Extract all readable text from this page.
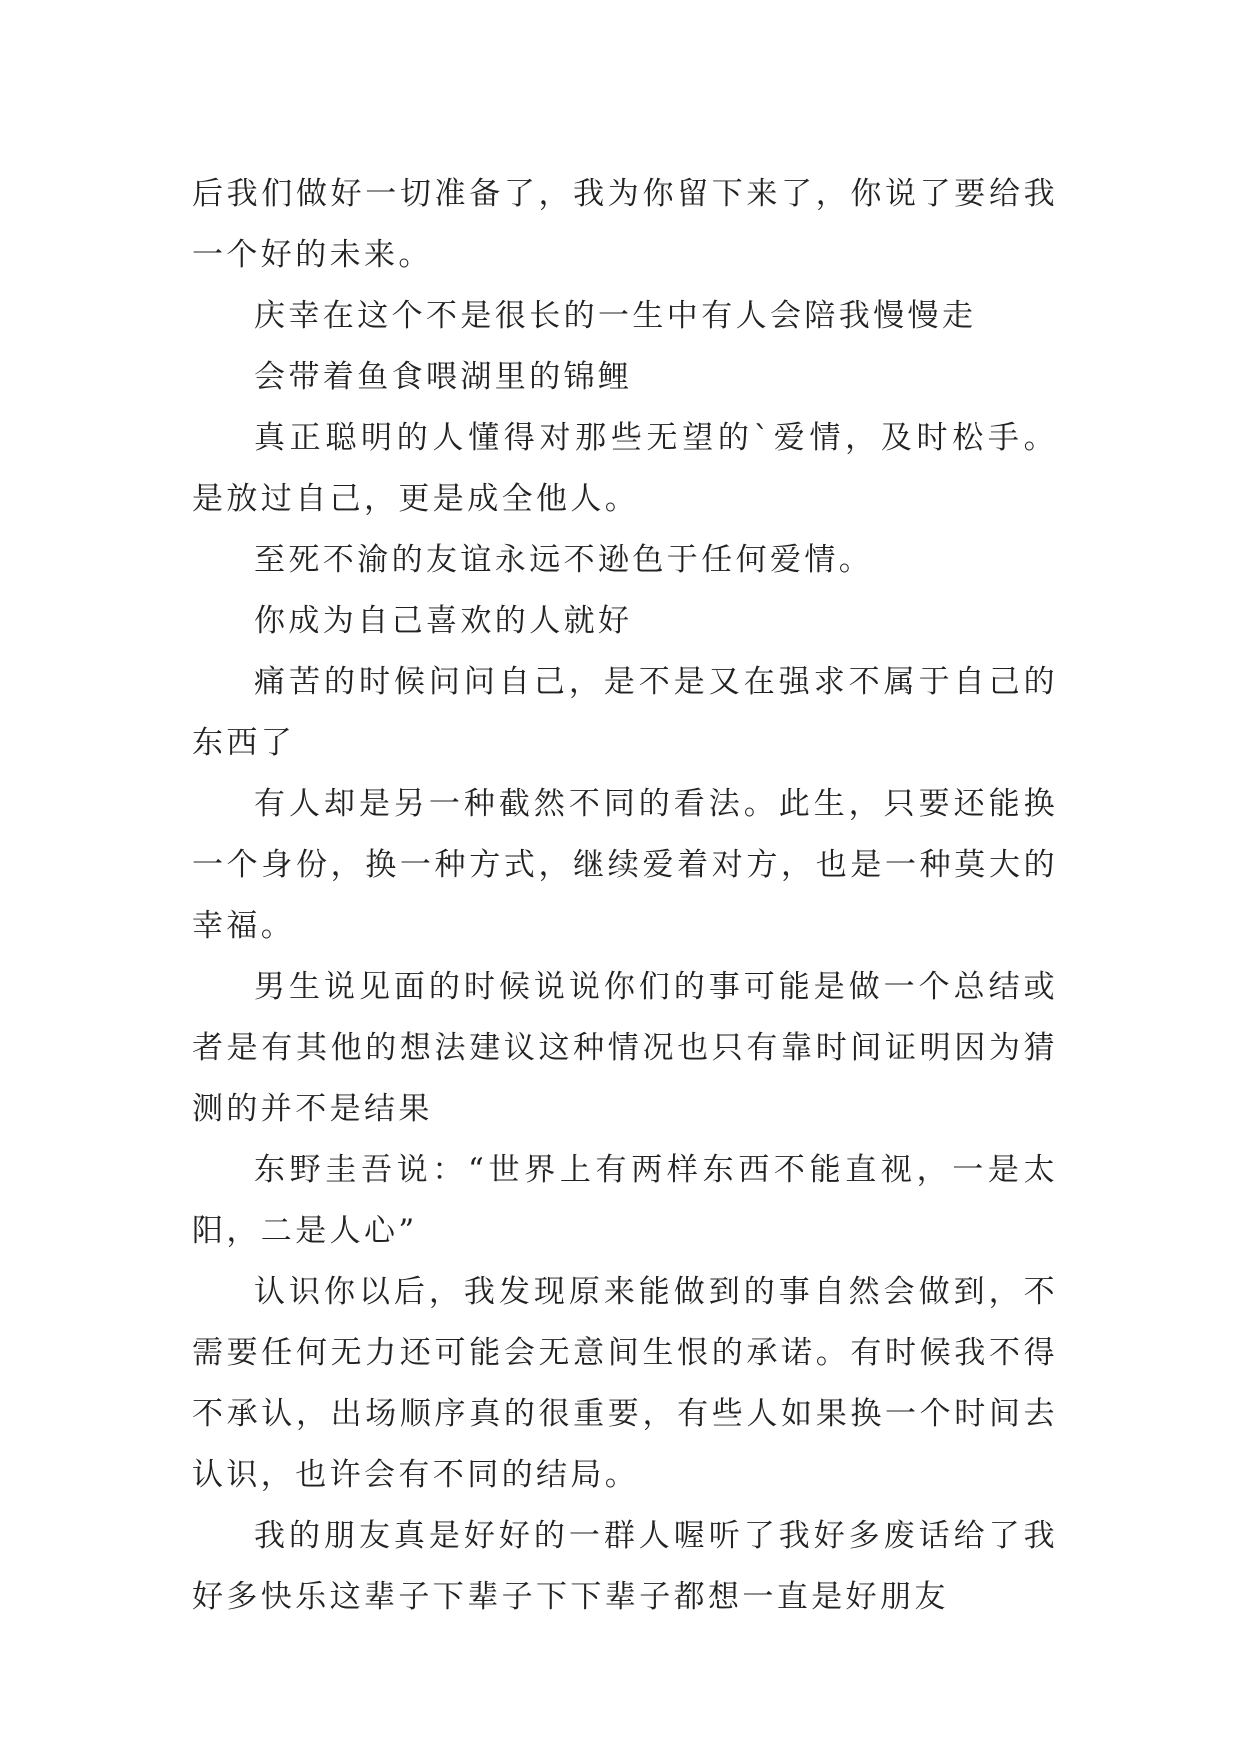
后我们做好一切准备了，我为你留下来了，你说了要给我一个好的未来。

庆幸在这个不是很长的一生中有人会陪我慢慢走

会带着鱼食喂湖里的锦鲤

真正聪明的人懂得对那些无望的`爱情，及时松手。是放过自己，更是成全他人。

至死不渝的友谊永远不逊色于任何爱情。

你成为自己喜欢的人就好

痛苦的时候问问自己，是不是又在强求不属于自己的东西了

有人却是另一种截然不同的看法。此生，只要还能换一个身份，换一种方式，继续爱着对方，也是一种莫大的幸福。

男生说见面的时候说说你们的事可能是做一个总结或者是有其他的想法建议这种情况也只有靠时间证明因为猜测的并不是结果

东野圭吾说：“世界上有两样东西不能直视，一是太阳，二是人心”

认识你以后，我发现原来能做到的事自然会做到，不需要任何无力还可能会无意间生恨的承诺。有时候我不得不承认，出场顺序真的很重要，有些人如果换一个时间去认识，也许会有不同的结局。

我的朋友真是好好的一群人喔听了我好多废话给了我好多快乐这辈子下辈子下下辈子都想一直是好朋友
